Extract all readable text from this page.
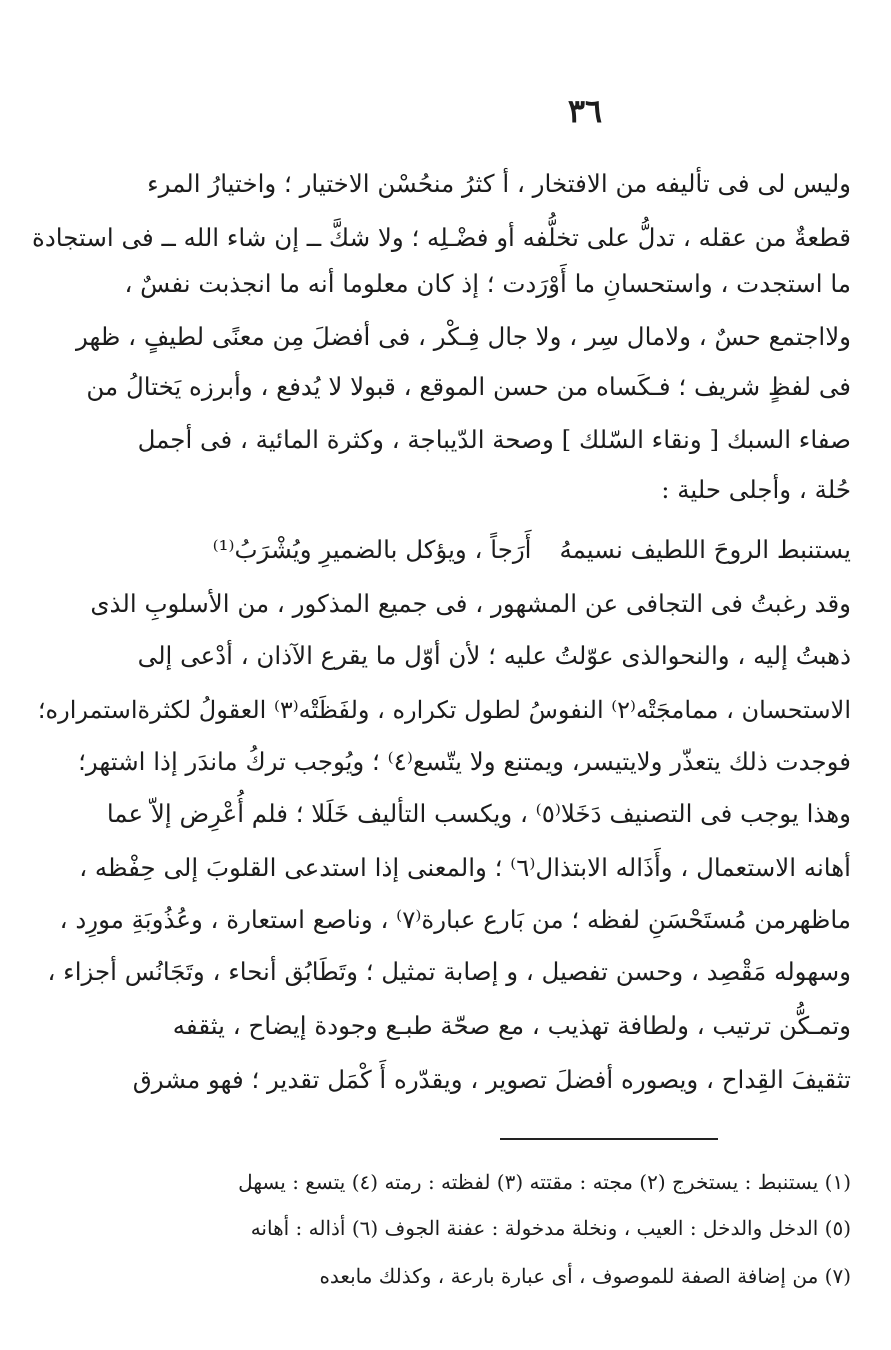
٣٦
وليس لى فى تأليفه من الافتخار ، أ كثرُ منحُسْن الاختيار ؛ واختيارُ المرء
قطعةٌ من عقله ، تدلُّ على تخلُّفه أو فضْـلِه ؛ ولا شكَّ ــ إن شاء الله ــ فى استجادة
ما استجدت ، واستحسانِ ما أَوْرَدت ؛ إذ كان معلوما أنه ما انجذبت نفسٌ ،
ولااجتمع حسٌ ، ولامال سِر ، ولا جال فِـكْر ، فى أفضلَ مِن معنًى لطيفٍ ، ظهر
فى لفظٍ شريف ؛ فـكَساه من حسن الموقع ، قبولا لا يُدفع ، وأبرزه يَختالُ من
صفاء السبك [ ونقاء السّلك ] وصحة الدّيباجة ، وكثرة المائية ، فى أجمل
حُلة ، وأجلى حلية :
يستنبط الروحَ اللطيف نسيمهُأَرَجاً ، ويؤكل بالضميرِ ويُشْرَبُ⁽¹⁾
وقد رغبتُ فى التجافى عن المشهور ، فى جميع المذكور ، من الأسلوبِ الذى
ذهبتُ إليه ، والنحوالذى عوّلتُ عليه ؛ لأن أوّل ما يقرع الآذان ، أدْعى إلى
الاستحسان ، ممامجَتْه⁽٢⁾ النفوسُ لطول تكراره ، ولفَظَتْه⁽٣⁾ العقولُ لكثرةاستمراره؛
فوجدت ذلك يتعذّر ولايتيسر، ويمتنع ولا يتّسع⁽٤⁾ ؛ ويُوجب تركُ ماندَر إذا اشتهر؛
وهذا يوجب فى التصنيف دَخَلا⁽٥⁾ ، ويكسب التأليف خَلَلا ؛ فلم أُعْرِض إلاّ عما
أهانه الاستعمال ، وأَذَاله الابتذال⁽٦⁾ ؛ والمعنى إذا استدعى القلوبَ إلى حِفْظه ،
ماظهرمن مُستَحْسَنِ لفظه ؛ من بَارع عبارة⁽٧⁾ ، وناصع استعارة ، وعُذُوبَةِ مورِد ،
وسهوله مَقْصِد ، وحسن تفصيل ، و إصابة تمثيل ؛ وتَطَابُق أنحاء ، وتَجَانُس أجزاء ،
وتمـكُّن ترتيب ، ولطافة تهذيب ، مع صحّة طبـع وجودة إيضاح ، يثقفه
تثقيفَ القِداح ، ويصوره أفضلَ تصوير ، ويقدّره أَ كْمَل تقدير ؛ فهو مشرق
(١) يستنبط : يستخرج (٢) مجته : مقتته (٣) لفظته : رمته (٤) يتسع : يسهل
(٥) الدخل والدخل : العيب ، ونخلة مدخولة : عفنة الجوف (٦) أذاله : أهانه
(٧) من إضافة الصفة للموصوف ، أى عبارة بارعة ، وكذلك مابعده
